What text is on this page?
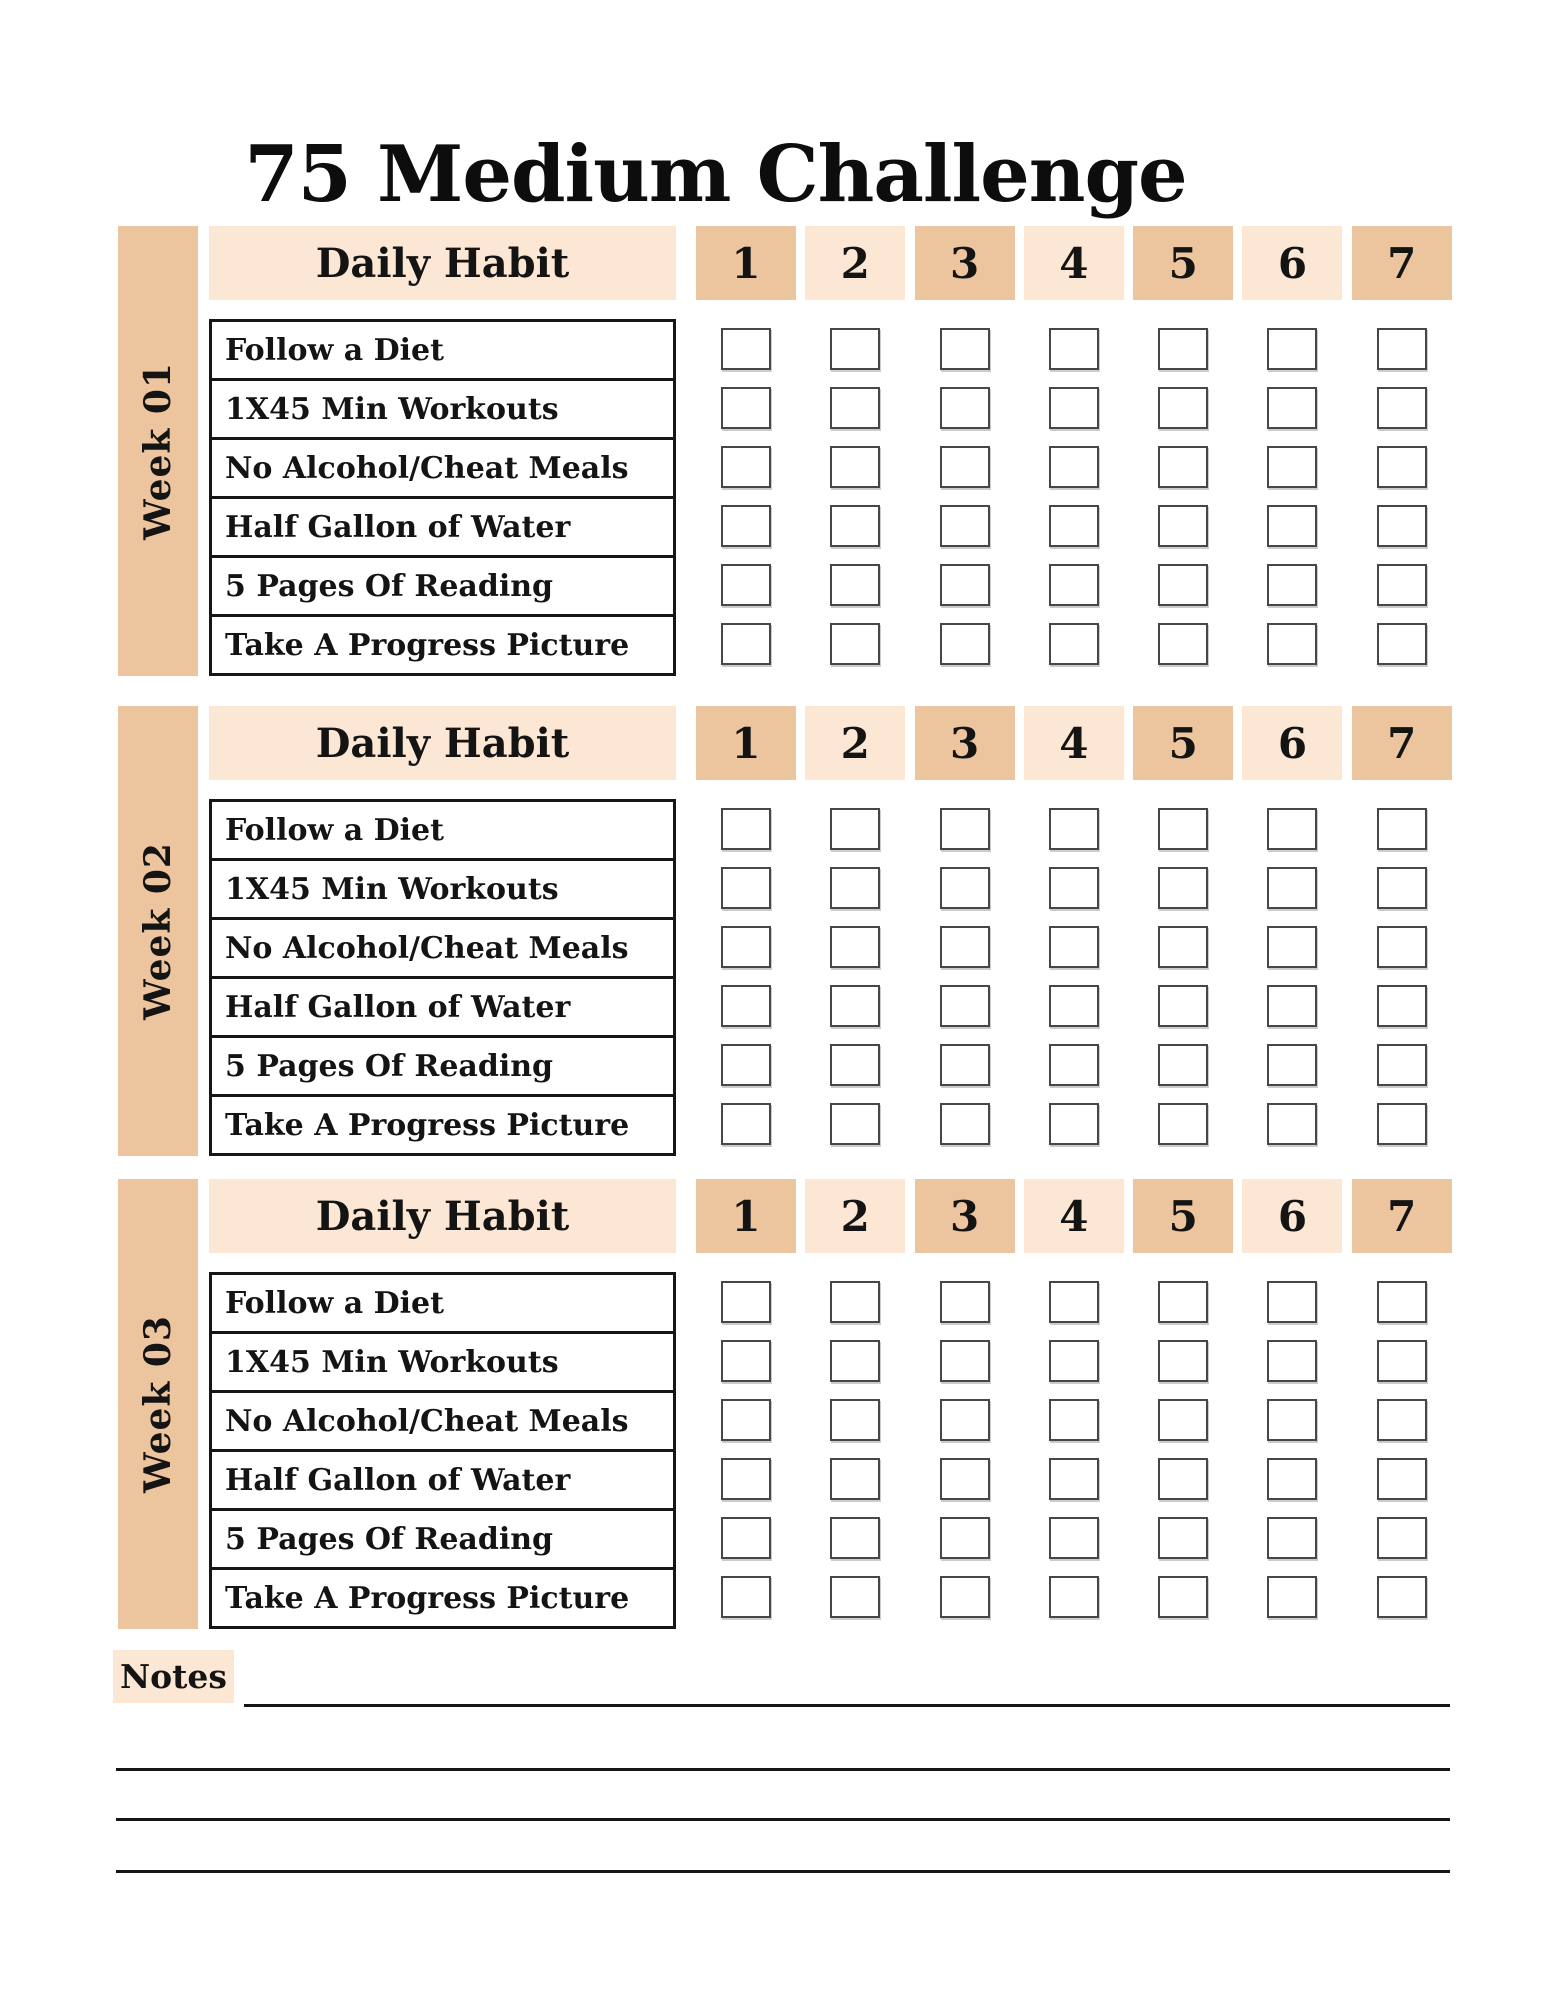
75 Medium Challenge
Week 01
Daily Habit	1	2	3	4	5	6	7
Follow a Diet
1X45 Min Workouts
No Alcohol/Cheat Meals
Half Gallon of Water
5 Pages Of Reading
Take A Progress Picture
Week 02
Daily Habit	1	2	3	4	5	6	7
Follow a Diet
1X45 Min Workouts
No Alcohol/Cheat Meals
Half Gallon of Water
5 Pages Of Reading
Take A Progress Picture
Week 03
Daily Habit	1	2	3	4	5	6	7
Follow a Diet
1X45 Min Workouts
No Alcohol/Cheat Meals
Half Gallon of Water
5 Pages Of Reading
Take A Progress Picture
Notes
